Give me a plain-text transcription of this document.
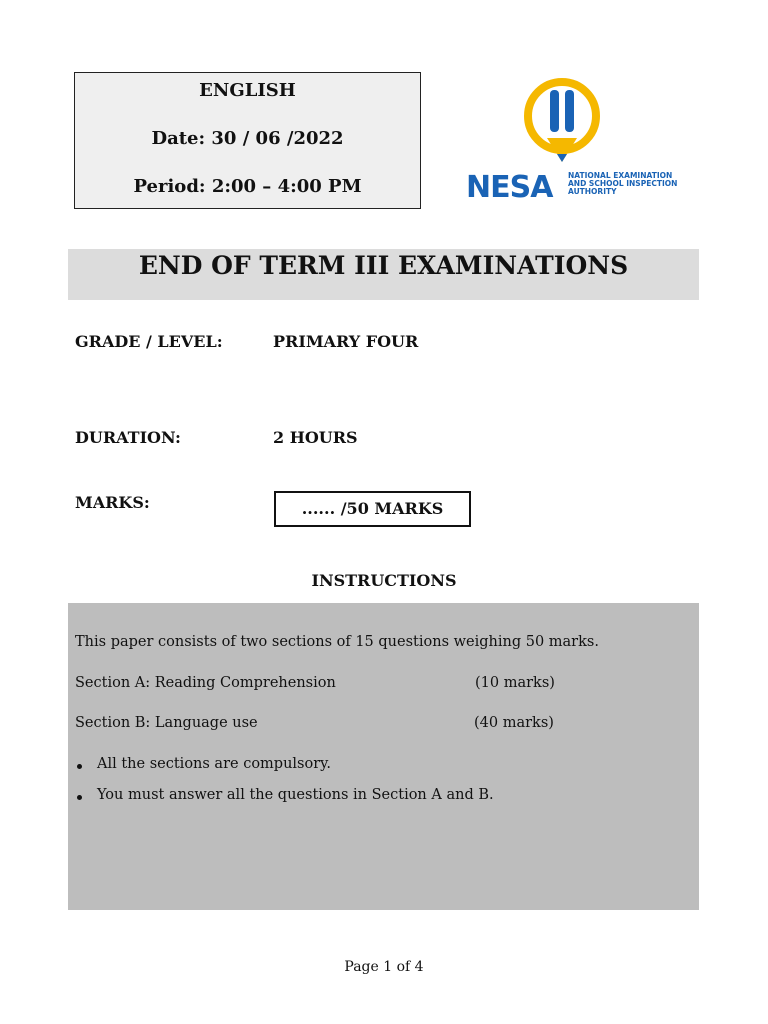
ENGLISH
Date: 30 / 06 /2022
Period: 2:00 – 4:00 PM	NESA NATIONAL EXAMINATION
AND SCHOOL INSPECTION
AUTHORITY
END OF TERM III EXAMINATIONS
GRADE / LEVEL:	PRIMARY FOUR
DURATION:	2 HOURS
MARKS:	...... /50 MARKS
INSTRUCTIONS
This paper consists of two sections of 15 questions weighing 50 marks.
Section A: Reading Comprehension	(10 marks)
Section B: Language use	(40 marks)
All the sections are compulsory.
You must answer all the questions in Section A and B.
Page 1 of 4
